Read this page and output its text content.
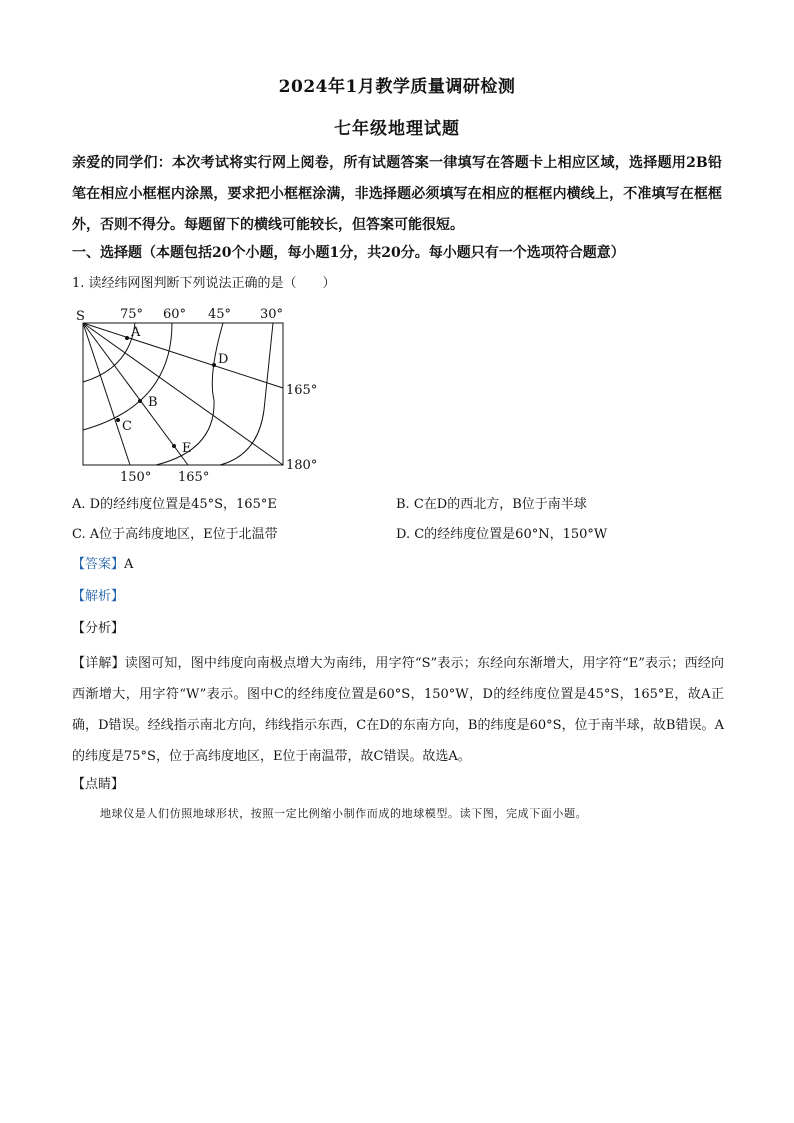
2024年1月教学质量调研检测
七年级地理试题
亲爱的同学们：本次考试将实行网上阅卷，所有试题答案一律填写在答题卡上相应区域，选择题用2B铅笔在相应小框框内涂黑，要求把小框框涂满，非选择题必须填写在相应的框框内横线上，不准填写在框框外，否则不得分。每题留下的横线可能较长，但答案可能很短。
一、选择题（本题包括20个小题，每小题1分，共20分。每小题只有一个选项符合题意）
1. 读经纬网图判断下列说法正确的是（　　）
S	75° 60° 45° 30°
165°
180°
150° 165°
A
B
C
D
E
A. D的经纬度位置是45°S，165°E	B. C在D的西北方，B位于南半球
C. A位于高纬度地区，E位于北温带	D. C的经纬度位置是60°N，150°W
【答案】A
【解析】
【分析】
【详解】读图可知，图中纬度向南极点增大为南纬，用字符“S”表示；东经向东渐增大，用字符“E”表示；西经向西渐增大，用字符“W”表示。图中C的经纬度位置是60°S，150°W，D的经纬度位置是45°S，165°E，故A正确，D错误。经线指示南北方向，纬线指示东西，C在D的东南方向，B的纬度是60°S，位于南半球，故B错误。A的纬度是75°S，位于高纬度地区，E位于南温带，故C错误。故选A。
【点睛】
地球仪是人们仿照地球形状，按照一定比例缩小制作而成的地球模型。读下图，完成下面小题。
